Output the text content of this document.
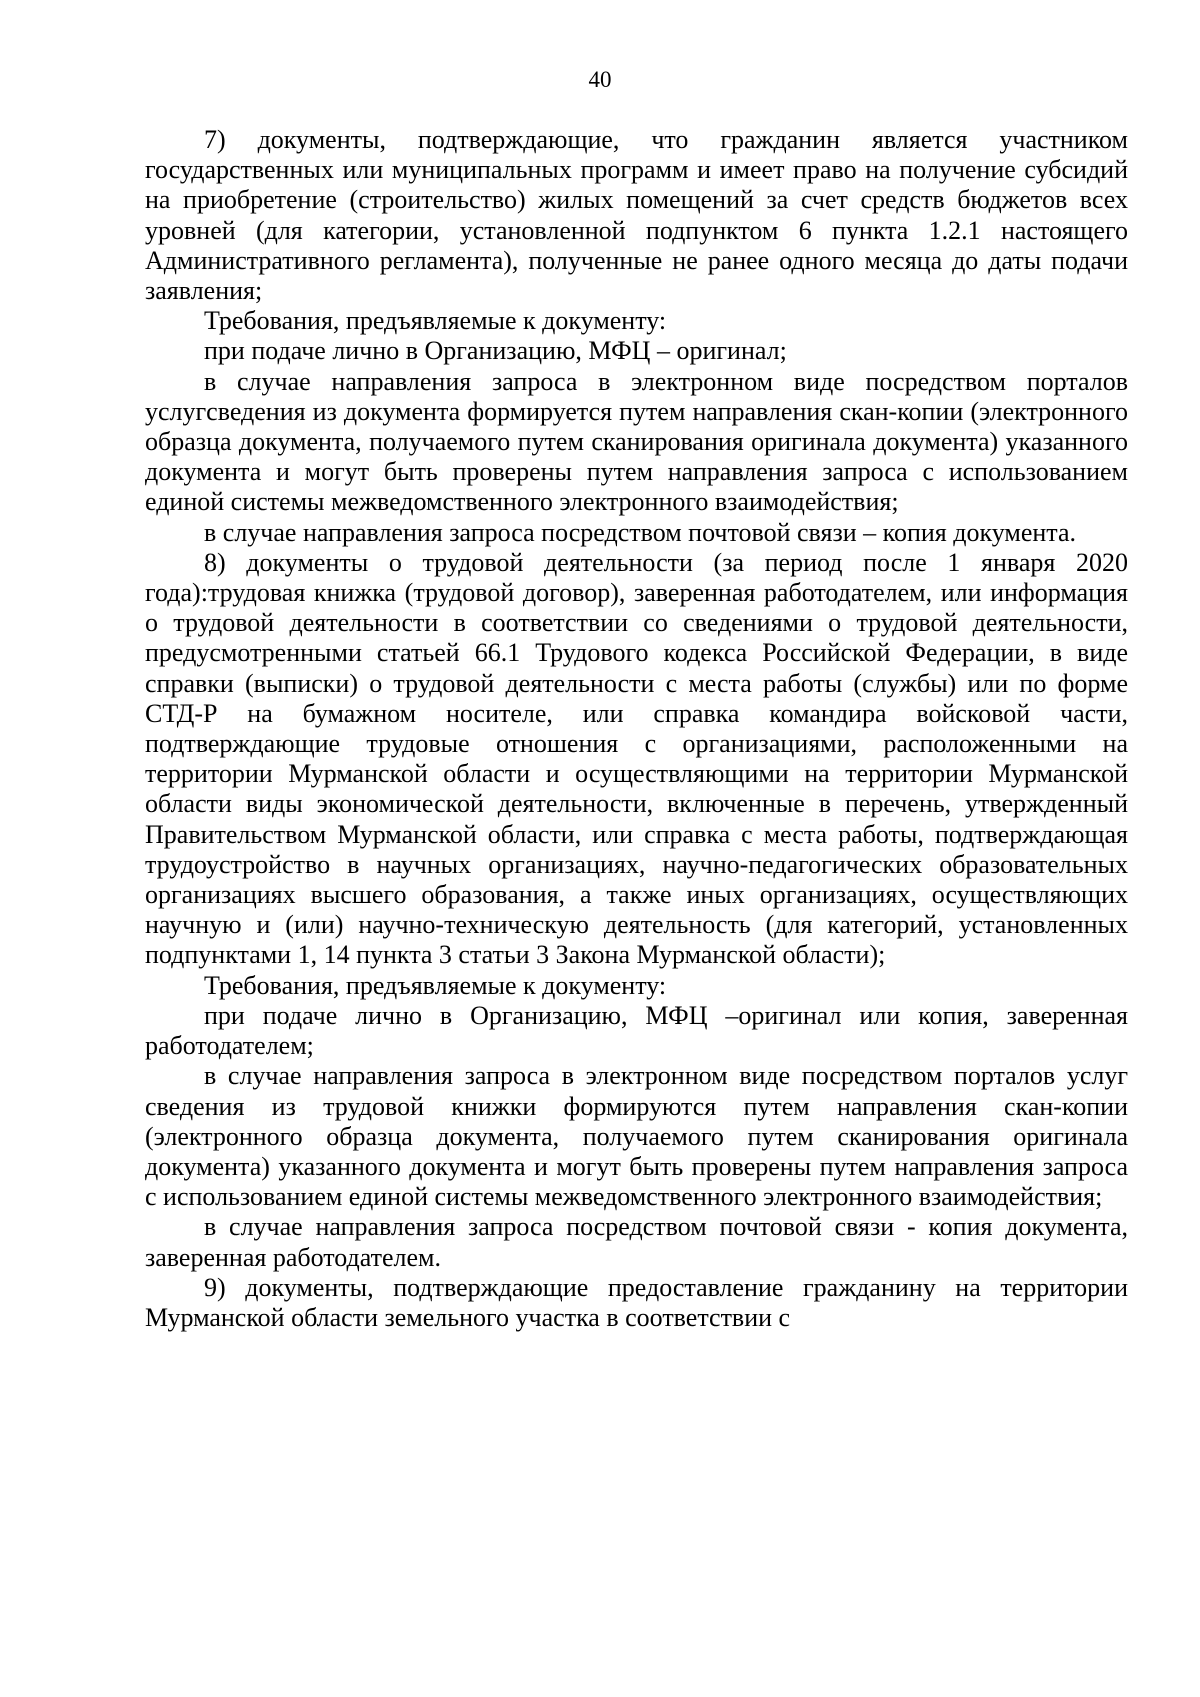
40

7) документы, подтверждающие, что гражданин является участником государственных или муниципальных программ и имеет право на получение субсидий на приобретение (строительство) жилых помещений за счет средств бюджетов всех уровней (для категории, установленной подпунктом 6 пункта 1.2.1 настоящего Административного регламента), полученные не ранее одного месяца до даты подачи заявления;

Требования, предъявляемые к документу:

при подаче лично в Организацию, МФЦ – оригинал;

в случае направления запроса в электронном виде посредством порталов услугсведения из документа формируется путем направления скан-копии (электронного образца документа, получаемого путем сканирования оригинала документа) указанного документа и могут быть проверены путем направления запроса с использованием единой системы межведомственного электронного взаимодействия;

в случае направления запроса посредством почтовой связи – копия документа.

8) документы о трудовой деятельности (за период после 1 января 2020 года):трудовая книжка (трудовой договор), заверенная работодателем, или информация о трудовой деятельности в соответствии со сведениями о трудовой деятельности, предусмотренными статьей 66.1 Трудового кодекса Российской Федерации, в виде справки (выписки) о трудовой деятельности с места работы (службы) или по форме СТД-Р на бумажном носителе, или справка командира войсковой части, подтверждающие трудовые отношения с организациями, расположенными на территории Мурманской области и осуществляющими на территории Мурманской области виды экономической деятельности, включенные в перечень, утвержденный Правительством Мурманской области, или справка с места работы, подтверждающая трудоустройство в научных организациях, научно-педагогических образовательных организациях высшего образования, а также иных организациях, осуществляющих научную и (или) научно-техническую деятельность (для категорий, установленных подпунктами 1, 14 пункта 3 статьи 3 Закона Мурманской области);

Требования, предъявляемые к документу:

при подаче лично в Организацию, МФЦ –оригинал или копия, заверенная работодателем;

в случае направления запроса в электронном виде посредством порталов услуг сведения из трудовой книжки формируются путем направления скан-копии (электронного образца документа, получаемого путем сканирования оригинала документа) указанного документа и могут быть проверены путем направления запроса с использованием единой системы межведомственного электронного взаимодействия;

в случае направления запроса посредством почтовой связи - копия документа, заверенная работодателем.

9) документы, подтверждающие предоставление гражданину на территории Мурманской области земельного участка в соответствии с
